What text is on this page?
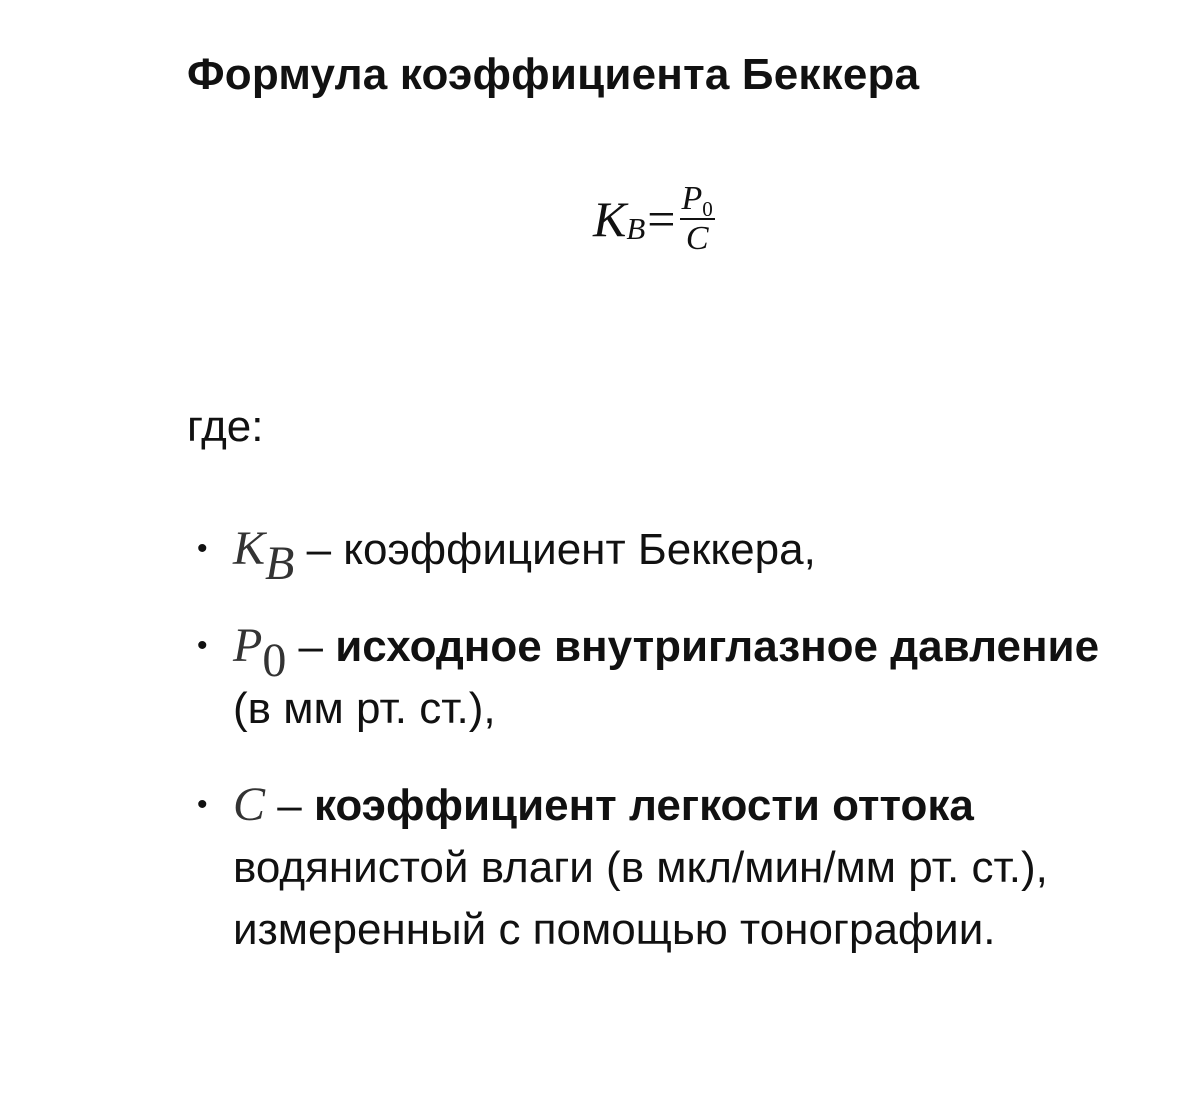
Формула коэффициента Беккера
K $B = \frac{P0}{C}$

где:

• KB – коэффициент Беккера,
• P0 – исходное внутриглазное давление (в мм рт. ст.),
• C – коэффициент легкости оттока водянистой влаги (в мкл/мин/мм рт. ст.), измеренный с помощью тонографии.
